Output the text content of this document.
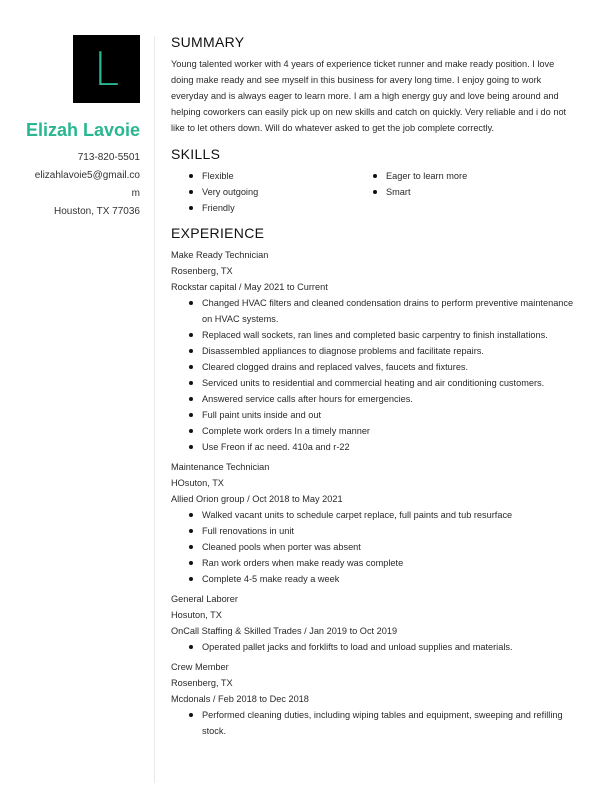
L
Elizah Lavoie
713-820-5501
elizahlavoie5@gmail.com
Houston, TX 77036
SUMMARY

Young talented worker with 4 years of experience ticket runner and make ready position. I love doing make ready and see myself in this business for avery long time. I enjoy going to work everyday and is always eager to learn more. I am a high energy guy and love being around and helping coworkers can easily pick up on new skills and catch on quickly. Very reliable and i do not like to let others down. Will do whatever asked to get the job complete correctly.

SKILLS
Flexible
Very outgoing
Friendly
Eager to learn more
Smart
EXPERIENCE
Make Ready Technician
Rosenberg, TX
Rockstar capital / May 2021 to Current
Changed HVAC filters and cleaned condensation drains to perform preventive maintenance on HVAC systems.
Replaced wall sockets, ran lines and completed basic carpentry to finish installations.
Disassembled appliances to diagnose problems and facilitate repairs.
Cleared clogged drains and replaced valves, faucets and fixtures.
Serviced units to residential and commercial heating and air conditioning customers.
Answered service calls after hours for emergencies.
Full paint units inside and out
Complete work orders In a timely manner
Use Freon if ac need. 410a and r-22
Maintenance Technician
HOsuton, TX
Allied Orion group / Oct 2018 to May 2021
Walked vacant units to schedule carpet replace, full paints and tub resurface
Full renovations in unit
Cleaned pools when porter was absent
Ran work orders when make ready was complete
Complete 4-5 make ready a week
General Laborer
Hosuton, TX
OnCall Staffing & Skilled Trades / Jan 2019 to Oct 2019
Operated pallet jacks and forklifts to load and unload supplies and materials.
Crew Member
Rosenberg, TX
Mcdonals / Feb 2018 to Dec 2018
Performed cleaning duties, including wiping tables and equipment, sweeping and refilling stock.
